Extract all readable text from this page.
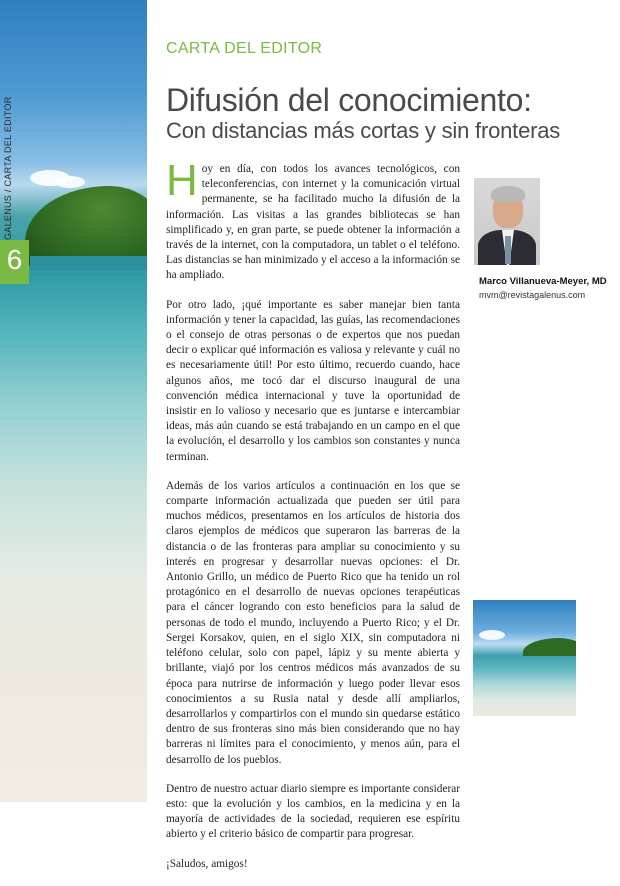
6
GALENUS / CARTA DEL EDITOR
CARTA DEL EDITOR
Difusión del conocimiento:
Con distancias más cortas y sin fronteras

Hoy en día, con todos los avances tecnológicos, con teleconferencias, con internet y la comunicación virtual permanente, se ha facilitado mucho la difusión de la información. Las visitas a las grandes bibliotecas se han simplificado y, en gran parte, se puede obtener la información a través de la internet, con la computadora, un tablet o el teléfono. Las distancias se han minimizado y el acceso a la información se ha ampliado.

Por otro lado, ¡qué importante es saber manejar bien tanta información y tener la capacidad, las guías, las recomendaciones o el consejo de otras personas o de expertos que nos puedan decir o explicar qué información es valiosa y relevante y cuál no es necesariamente útil! Por esto último, recuerdo cuando, hace algunos años, me tocó dar el discurso inaugural de una convención médica internacional y tuve la oportunidad de insistir en lo valioso y necesario que es juntarse e intercambiar ideas, más aún cuando se está trabajando en un campo en el que la evolución, el desarrollo y los cambios son constantes y nunca terminan.

Además de los varios artículos a continuación en los que se comparte información actualizada que pueden ser útil para muchos médicos, presentamos en los artículos de historia dos claros ejemplos de médicos que superaron las barreras de la distancia o de las fronteras para ampliar su conocimiento y su interés en progresar y desarrollar nuevas opciones: el Dr. Antonio Grillo, un médico de Puerto Rico que ha tenido un rol protagónico en el desarrollo de nuevas opciones terapéuticas para el cáncer logrando con esto beneficios para la salud de personas de todo el mundo, incluyendo a Puerto Rico; y el Dr. Sergei Korsakov, quien, en el siglo XIX, sin computadora ni teléfono celular, solo con papel, lápiz y su mente abierta y brillante, viajó por los centros médicos más avanzados de su época para nutrirse de información y luego poder llevar esos conocimientos a su Rusia natal y desde allí ampliarlos, desarrollarlos y compartirlos con el mundo sin quedarse estático dentro de sus fronteras sino más bien considerando que no hay barreras ni límites para el conocimiento, y menos aún, para el desarrollo de los pueblos.

Dentro de nuestro actuar diario siempre es importante considerar esto: que la evolución y los cambios, en la medicina y en la mayoría de actividades de la sociedad, requieren ese espíritu abierto y el criterio básico de compartir para progresar.

¡Saludos, amigos!

Marco Villanueva-Meyer, MD
mvm@revistagalenus.com
